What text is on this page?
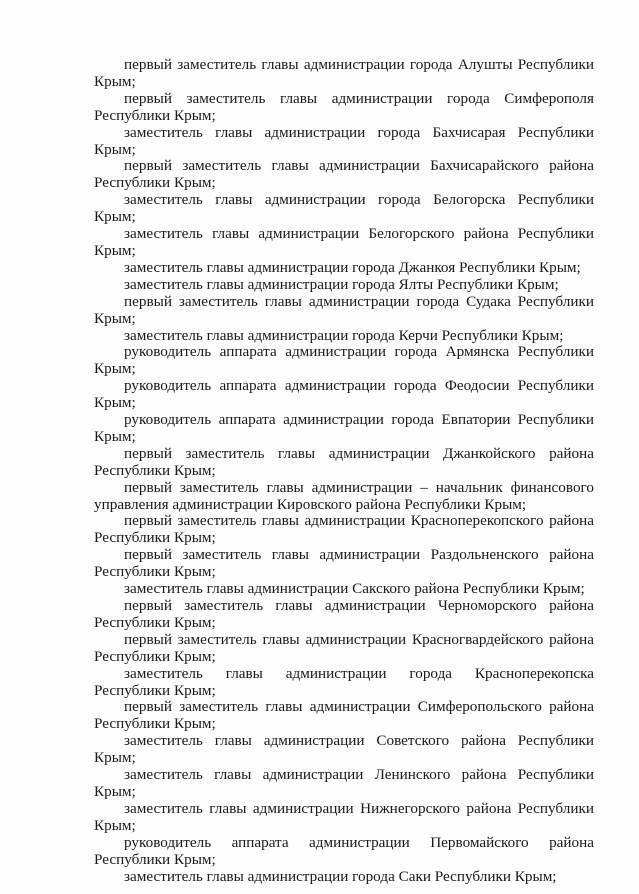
первый заместитель главы администрации города Алушты Республики Крым;

первый заместитель главы администрации города Симферополя Республики Крым;

заместитель главы администрации города Бахчисарая Республики Крым;

первый заместитель главы администрации Бахчисарайского района Республики Крым;

заместитель главы администрации города Белогорска Республики Крым;

заместитель главы администрации Белогорского района Республики Крым;

заместитель главы администрации города Джанкоя Республики Крым;

заместитель главы администрации города Ялты Республики Крым;

первый заместитель главы администрации города Судака Республики Крым;

заместитель главы администрации города Керчи Республики Крым;

руководитель аппарата администрации города Армянска Республики Крым;

руководитель аппарата администрации города Феодосии Республики Крым;

руководитель аппарата администрации города Евпатории Республики Крым;

первый заместитель главы администрации Джанкойского района Республики Крым;

первый заместитель главы администрации – начальник финансового управления администрации Кировского района Республики Крым;

первый заместитель главы администрации Красноперекопского района Республики Крым;

первый заместитель главы администрации Раздольненского района Республики Крым;

заместитель главы администрации Сакского района Республики Крым;

первый заместитель главы администрации Черноморского района Республики Крым;

первый заместитель главы администрации Красногвардейского района Республики Крым;

заместитель главы администрации города Красноперекопска Республики Крым;

первый заместитель главы администрации Симферопольского района Республики Крым;

заместитель главы администрации Советского района Республики Крым;

заместитель главы администрации Ленинского района Республики Крым;

заместитель главы администрации Нижнегорского района Республики Крым;

руководитель аппарата администрации Первомайского района Республики Крым;

заместитель главы администрации города Саки Республики Крым;
